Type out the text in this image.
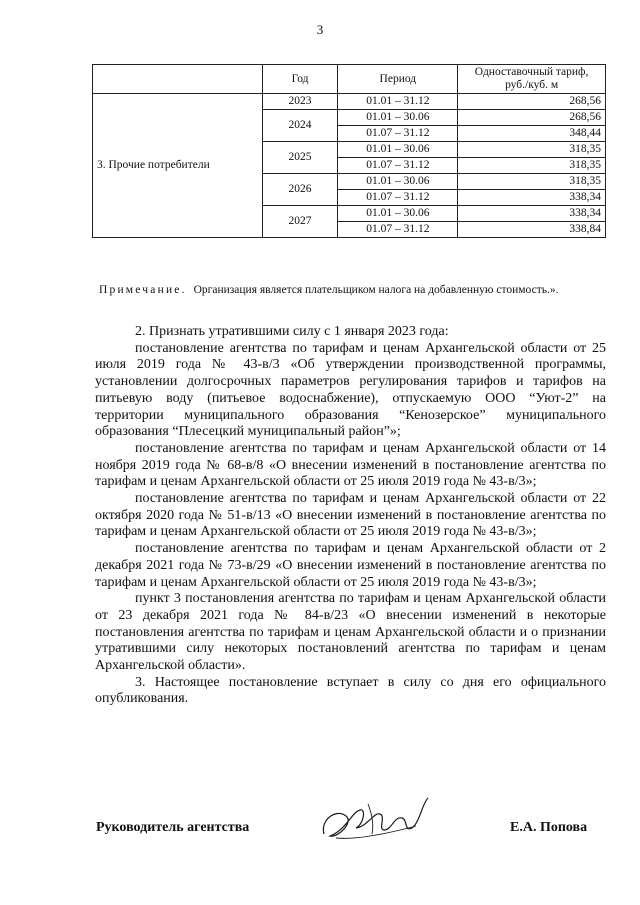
3
	Год	Период	Одноставочный тариф, руб./куб. м
3. Прочие потребители	2023	01.01 – 31.12	268,56
	2024	01.01 – 30.06	268,56
		01.07 – 31.12	348,44
	2025	01.01 – 30.06	318,35
		01.07 – 31.12	318,35
	2026	01.01 – 30.06	318,35
		01.07 – 31.12	338,34
	2027	01.01 – 30.06	338,34
		01.07 – 31.12	338,84
Примечание. Организация является плательщиком налога на добавленную стоимость.».

2. Признать утратившими силу с 1 января 2023 года:

постановление агентства по тарифам и ценам Архангельской области от 25 июля 2019 года № 43-в/3 «Об утверждении производственной программы, установлении долгосрочных параметров регулирования тарифов и тарифов на питьевую воду (питьевое водоснабжение), отпускаемую ООО “Уют-2” на территории муниципального образования “Кенозерское” муниципального образования “Плесецкий муниципальный район”»;

постановление агентства по тарифам и ценам Архангельской области от 14 ноября 2019 года № 68-в/8 «О внесении изменений в постановление агентства по тарифам и ценам Архангельской области от 25 июля 2019 года № 43-в/3»;

постановление агентства по тарифам и ценам Архангельской области от 22 октября 2020 года № 51-в/13 «О внесении изменений в постановление агентства по тарифам и ценам Архангельской области от 25 июля 2019 года № 43-в/3»;

постановление агентства по тарифам и ценам Архангельской области от 2 декабря 2021 года № 73-в/29 «О внесении изменений в постановление агентства по тарифам и ценам Архангельской области от 25 июля 2019 года № 43-в/3»;

пункт 3 постановления агентства по тарифам и ценам Архангельской области от 23 декабря 2021 года № 84-в/23 «О внесении изменений в некоторые постановления агентства по тарифам и ценам Архангельской области и о признании утратившими силу некоторых постановлений агентства по тарифам и ценам Архангельской области».

3. Настоящее постановление вступает в силу со дня его официального опубликования.

Руководитель агентства	Е.А. Попова
